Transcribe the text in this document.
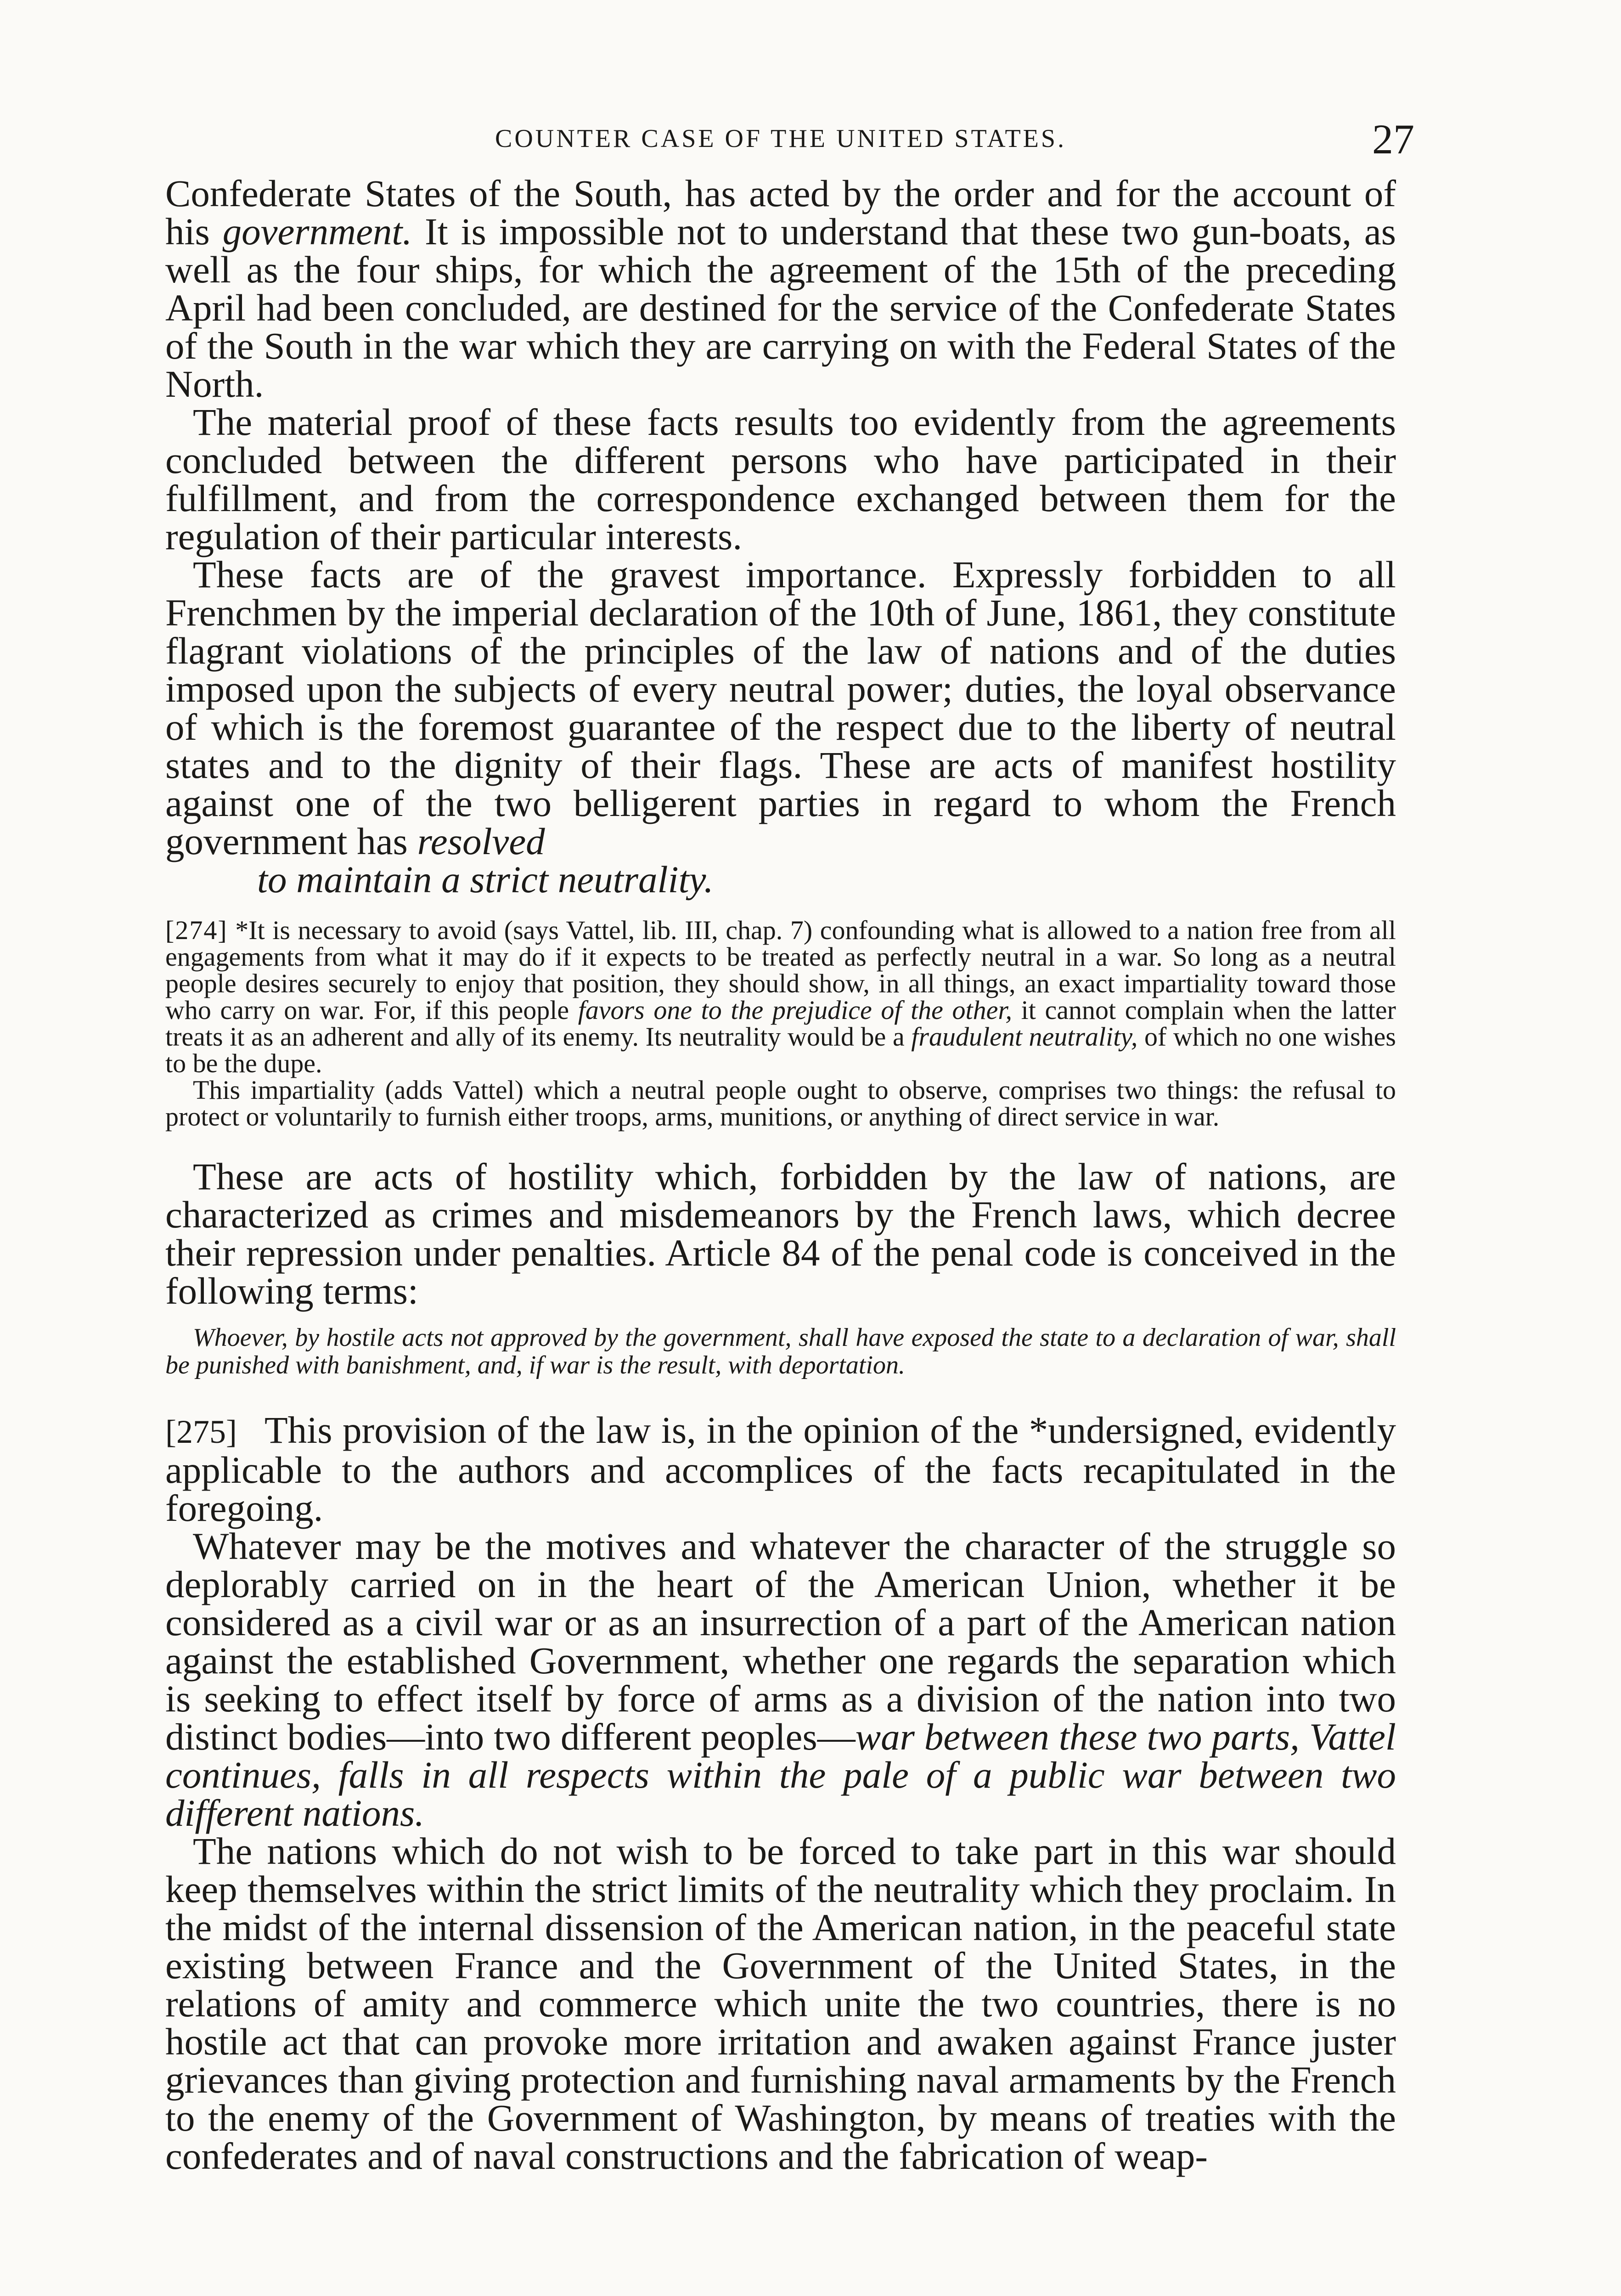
COUNTER CASE OF THE UNITED STATES.	27

Confederate States of the South, has acted by the order and for the account of his government. It is impossible not to understand that these two gun-boats, as well as the four ships, for which the agreement of the 15th of the preceding April had been concluded, are destined for the service of the Confederate States of the South in the war which they are carrying on with the Federal States of the North.

The material proof of these facts results too evidently from the agreements concluded between the different persons who have participated in their fulfillment, and from the correspondence exchanged between them for the regulation of their particular interests.

These facts are of the gravest importance. Expressly forbidden to all Frenchmen by the imperial declaration of the 10th of June, 1861, they constitute flagrant violations of the principles of the law of nations and of the duties imposed upon the subjects of every neutral power; duties, the loyal observance of which is the foremost guarantee of the respect due to the liberty of neutral states and to the dignity of their flags. These are acts of manifest hostility against one of the two belligerent parties in regard to whom the French government has resolved

to maintain a strict neutrality.

[274] *It is necessary to avoid (says Vattel, lib. III, chap. 7) confounding what is allowed to a nation free from all engagements from what it may do if it expects to be treated as perfectly neutral in a war. So long as a neutral people desires securely to enjoy that position, they should show, in all things, an exact impartiality toward those who carry on war. For, if this people favors one to the prejudice of the other, it cannot complain when the latter treats it as an adherent and ally of its enemy. Its neutrality would be a fraudulent neutrality, of which no one wishes to be the dupe.

This impartiality (adds Vattel) which a neutral people ought to observe, comprises two things: the refusal to protect or voluntarily to furnish either troops, arms, munitions, or anything of direct service in war.

These are acts of hostility which, forbidden by the law of nations, are characterized as crimes and misdemeanors by the French laws, which decree their repression under penalties. Article 84 of the penal code is conceived in the following terms:

Whoever, by hostile acts not approved by the government, shall have exposed the state to a declaration of war, shall be punished with banishment, and, if war is the result, with deportation.

[275] This provision of the law is, in the opinion of the *undersigned, evidently applicable to the authors and accomplices of the facts recapitulated in the foregoing.

Whatever may be the motives and whatever the character of the struggle so deplorably carried on in the heart of the American Union, whether it be considered as a civil war or as an insurrection of a part of the American nation against the established Government, whether one regards the separation which is seeking to effect itself by force of arms as a division of the nation into two distinct bodies—into two different peoples—war between these two parts, Vattel continues, falls in all respects within the pale of a public war between two different nations.

The nations which do not wish to be forced to take part in this war should keep themselves within the strict limits of the neutrality which they proclaim. In the midst of the internal dissension of the American nation, in the peaceful state existing between France and the Government of the United States, in the relations of amity and commerce which unite the two countries, there is no hostile act that can provoke more irritation and awaken against France juster grievances than giving protection and furnishing naval armaments by the French to the enemy of the Government of Washington, by means of treaties with the confederates and of naval constructions and the fabrication of weap-
